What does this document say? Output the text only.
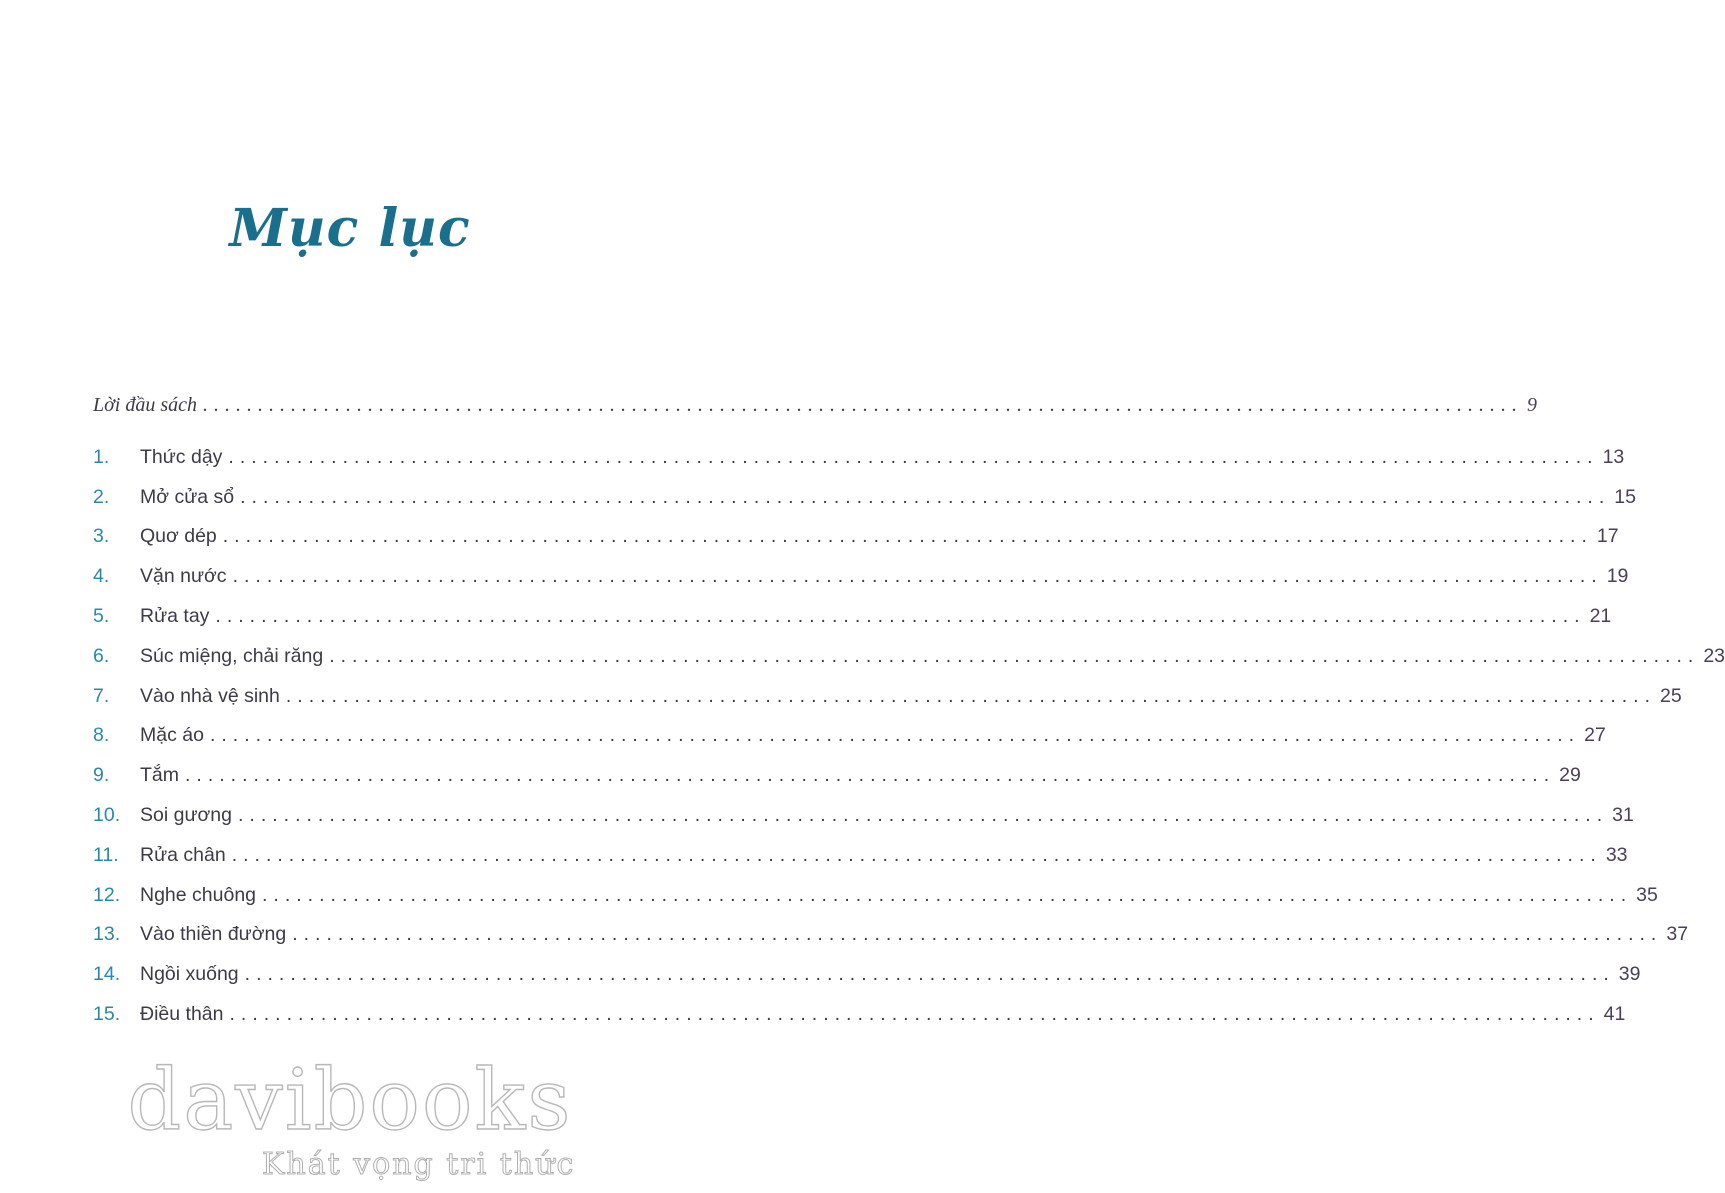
Mục lục
Lời đầu sách ........................................................................................................................ 9
1.	Thức dậy ........................................................................................................................ 13
2.	Mở cửa sổ ........................................................................................................................ 15
3.	Quơ dép ........................................................................................................................ 17
4.	Vặn nước ........................................................................................................................ 19
5.	Rửa tay ........................................................................................................................ 21
6.	Súc miệng, chải răng ........................................................................................................................ 23
7.	Vào nhà vệ sinh ........................................................................................................................ 25
8.	Mặc áo ........................................................................................................................ 27
9.	Tắm ........................................................................................................................ 29
10.	Soi gương ........................................................................................................................ 31
11.	Rửa chân ........................................................................................................................ 33
12.	Nghe chuông ........................................................................................................................ 35
13.	Vào thiền đường ........................................................................................................................ 37
14.	Ngồi xuống ........................................................................................................................ 39
15.	Điều thân ........................................................................................................................ 41
davibooks
Khát vọng tri thức
